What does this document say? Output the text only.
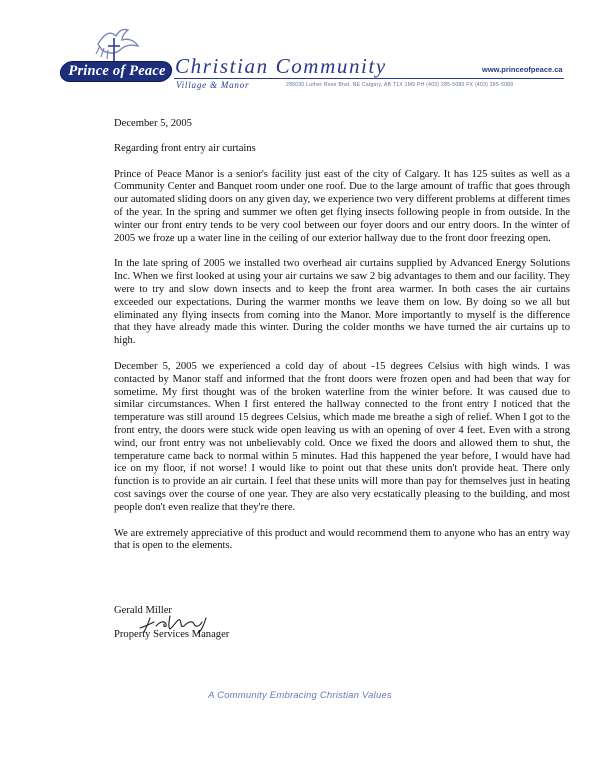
Prince of Peace Christian Community
Village & Manor	285030 Luther Rose Blvd. NE Calgary, AB T1X 1M9 PH (403) 285-5080 FX (403) 285-5089
www.princeofpeace.ca

December 5, 2005

Regarding front entry air curtains

Prince of Peace Manor is a senior's facility just east of the city of Calgary. It has 125 suites as well as a Community Center and Banquet room under one roof. Due to the large amount of traffic that goes through our automated sliding doors on any given day, we experience two very different problems at different times of the year. In the spring and summer we often get flying insects following people in from outside. In the winter our front entry tends to be very cool between our foyer doors and our entry doors. In the winter of 2005 we froze up a water line in the ceiling of our exterior hallway due to the front door freezing open.

In the late spring of 2005 we installed two overhead air curtains supplied by Advanced Energy Solutions Inc. When we first looked at using your air curtains we saw 2 big advantages to them and our facility. They were to try and slow down insects and to keep the front area warmer. In both cases the air curtains exceeded our expectations. During the warmer months we leave them on low. By doing so we all but eliminated any flying insects from coming into the Manor. More importantly to myself is the difference that they have already made this winter. During the colder months we have turned the air curtains up to high.

December 5, 2005 we experienced a cold day of about -15 degrees Celsius with high winds. I was contacted by Manor staff and informed that the front doors were frozen open and had been that way for sometime. My first thought was of the broken waterline from the winter before. It was caused due to similar circumstances. When I first entered the hallway connected to the front entry I noticed that the temperature was still around 15 degrees Celsius, which made me breathe a sigh of relief. When I got to the front entry, the doors were stuck wide open leaving us with an opening of over 4 feet. Even with a strong wind, our front entry was not unbelievably cold. Once we fixed the doors and allowed them to shut, the temperature came back to normal within 5 minutes. Had this happened the year before, I would have had ice on my floor, if not worse! I would like to point out that these units don't provide heat. There only function is to provide an air curtain. I feel that these units will more than pay for themselves just in heating cost savings over the course of one year. They are also very ecstatically pleasing to the building, and most people don't even realize that they're there.

We are extremely appreciative of this product and would recommend them to anyone who has an entry way that is open to the elements.

Gerald Miller
Property Services Manager
A Community Embracing Christian Values
